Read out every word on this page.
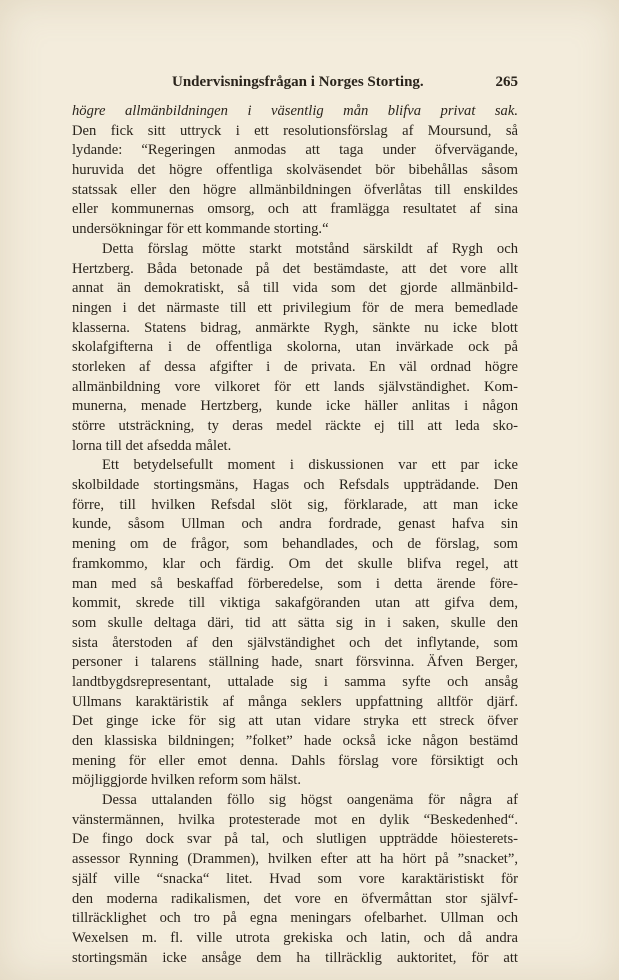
Undervisningsfrågan i Norges Storting.	265
högre allmänbildningen i väsentlig mån blifva privat sak.
Den fick sitt uttryck i ett resolutionsförslag af Moursund, så
lydande: “Regeringen anmodas att taga under öfvervägande,
huruvida det högre offentliga skolväsendet bör bibehållas såsom
statssak eller den högre allmänbildningen öfverlåtas till enskildes
eller kommunernas omsorg, och att framlägga resultatet af sina
undersökningar för ett kommande storting.“
Detta förslag mötte starkt motstånd särskildt af Rygh och
Hertzberg. Båda betonade på det bestämdaste, att det vore allt
annat än demokratiskt, så till vida som det gjorde allmänbild-
ningen i det närmaste till ett privilegium för de mera bemedlade
klasserna. Statens bidrag, anmärkte Rygh, sänkte nu icke blott
skolafgifterna i de offentliga skolorna, utan invärkade ock på
storleken af dessa afgifter i de privata. En väl ordnad högre
allmänbildning vore vilkoret för ett lands självständighet. Kom-
munerna, menade Hertzberg, kunde icke häller anlitas i någon
större utsträckning, ty deras medel räckte ej till att leda sko-
lorna till det afsedda målet.
Ett betydelsefullt moment i diskussionen var ett par icke
skolbildade stortingsmäns, Hagas och Refsdals uppträdande. Den
förre, till hvilken Refsdal slöt sig, förklarade, att man icke
kunde, såsom Ullman och andra fordrade, genast hafva sin
mening om de frågor, som behandlades, och de förslag, som
framkommo, klar och färdig. Om det skulle blifva regel, att
man med så beskaffad förberedelse, som i detta ärende före-
kommit, skrede till viktiga sakafgöranden utan att gifva dem,
som skulle deltaga däri, tid att sätta sig in i saken, skulle den
sista återstoden af den självständighet och det inflytande, som
personer i talarens ställning hade, snart försvinna. Äfven Berger,
landtbygdsrepresentant, uttalade sig i samma syfte och ansåg
Ullmans karaktäristik af många seklers uppfattning alltför djärf.
Det ginge icke för sig att utan vidare stryka ett streck öfver
den klassiska bildningen; ”folket” hade också icke någon bestämd
mening för eller emot denna. Dahls förslag vore försiktigt och
möjliggjorde hvilken reform som hälst.
Dessa uttalanden föllo sig högst oangenäma för några af
vänstermännen, hvilka protesterade mot en dylik “Beskedenhed“.
De fingo dock svar på tal, och slutligen uppträdde höiesterets-
assessor Rynning (Drammen), hvilken efter att ha hört på ”snacket”,
själf ville “snacka“ litet. Hvad som vore karaktäristiskt för
den moderna radikalismen, det vore en öfvermåttan stor självf-
tillräcklighet och tro på egna meningars ofelbarhet. Ullman och
Wexelsen m. fl. ville utrota grekiska och latin, och då andra
stortingsmän icke ansåge dem ha tillräcklig auktoritet, för att
